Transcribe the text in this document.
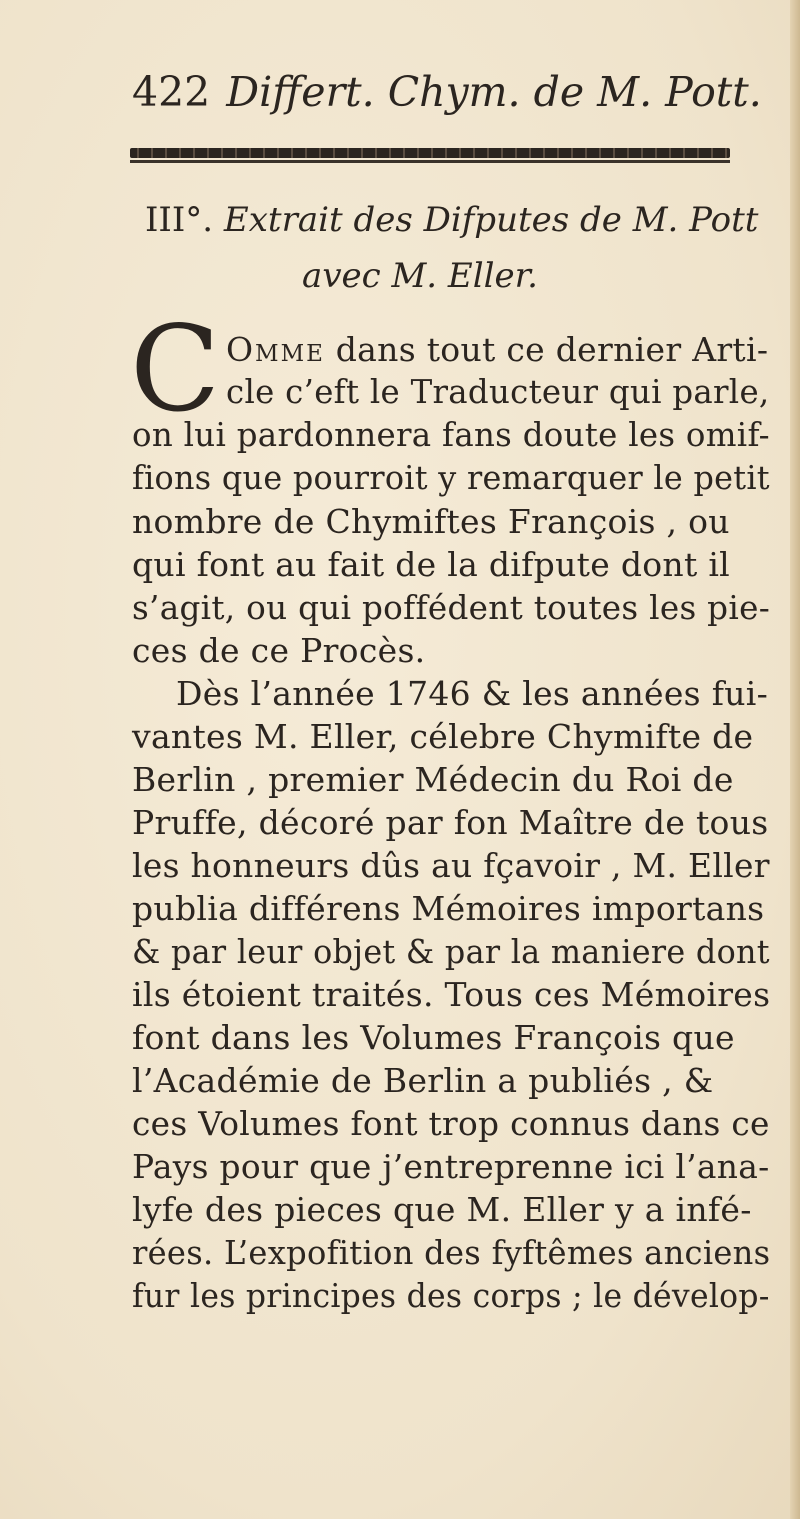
422 Differt. Chym. de M. Pott.
III°. Extrait des Difputes de M. Pott
avec M. Eller.
C Omme dans tout ce dernier Arti-
cle c’eft le Traducteur qui parle,
on lui pardonnera fans doute les omif-
fions que pourroit y remarquer le petit
nombre de Chymiftes François , ou
qui font au fait de la difpute dont il
s’agit, ou qui poffédent toutes les pie-
ces de ce Procès.
Dès l’année 1746 & les années fui-
vantes M. Eller, célebre Chymifte de
Berlin , premier Médecin du Roi de
Pruffe, décoré par fon Maître de tous
les honneurs dûs au fçavoir , M. Eller
publia différens Mémoires importans
& par leur objet & par la maniere dont
ils étoient traités. Tous ces Mémoires
font dans les Volumes François que
l’Académie de Berlin a publiés , &
ces Volumes font trop connus dans ce
Pays pour que j’entreprenne ici l’ana-
lyfe des pieces que M. Eller y a infé-
rées. L’expofition des fyftêmes anciens
fur les principes des corps ; le dévelop-
